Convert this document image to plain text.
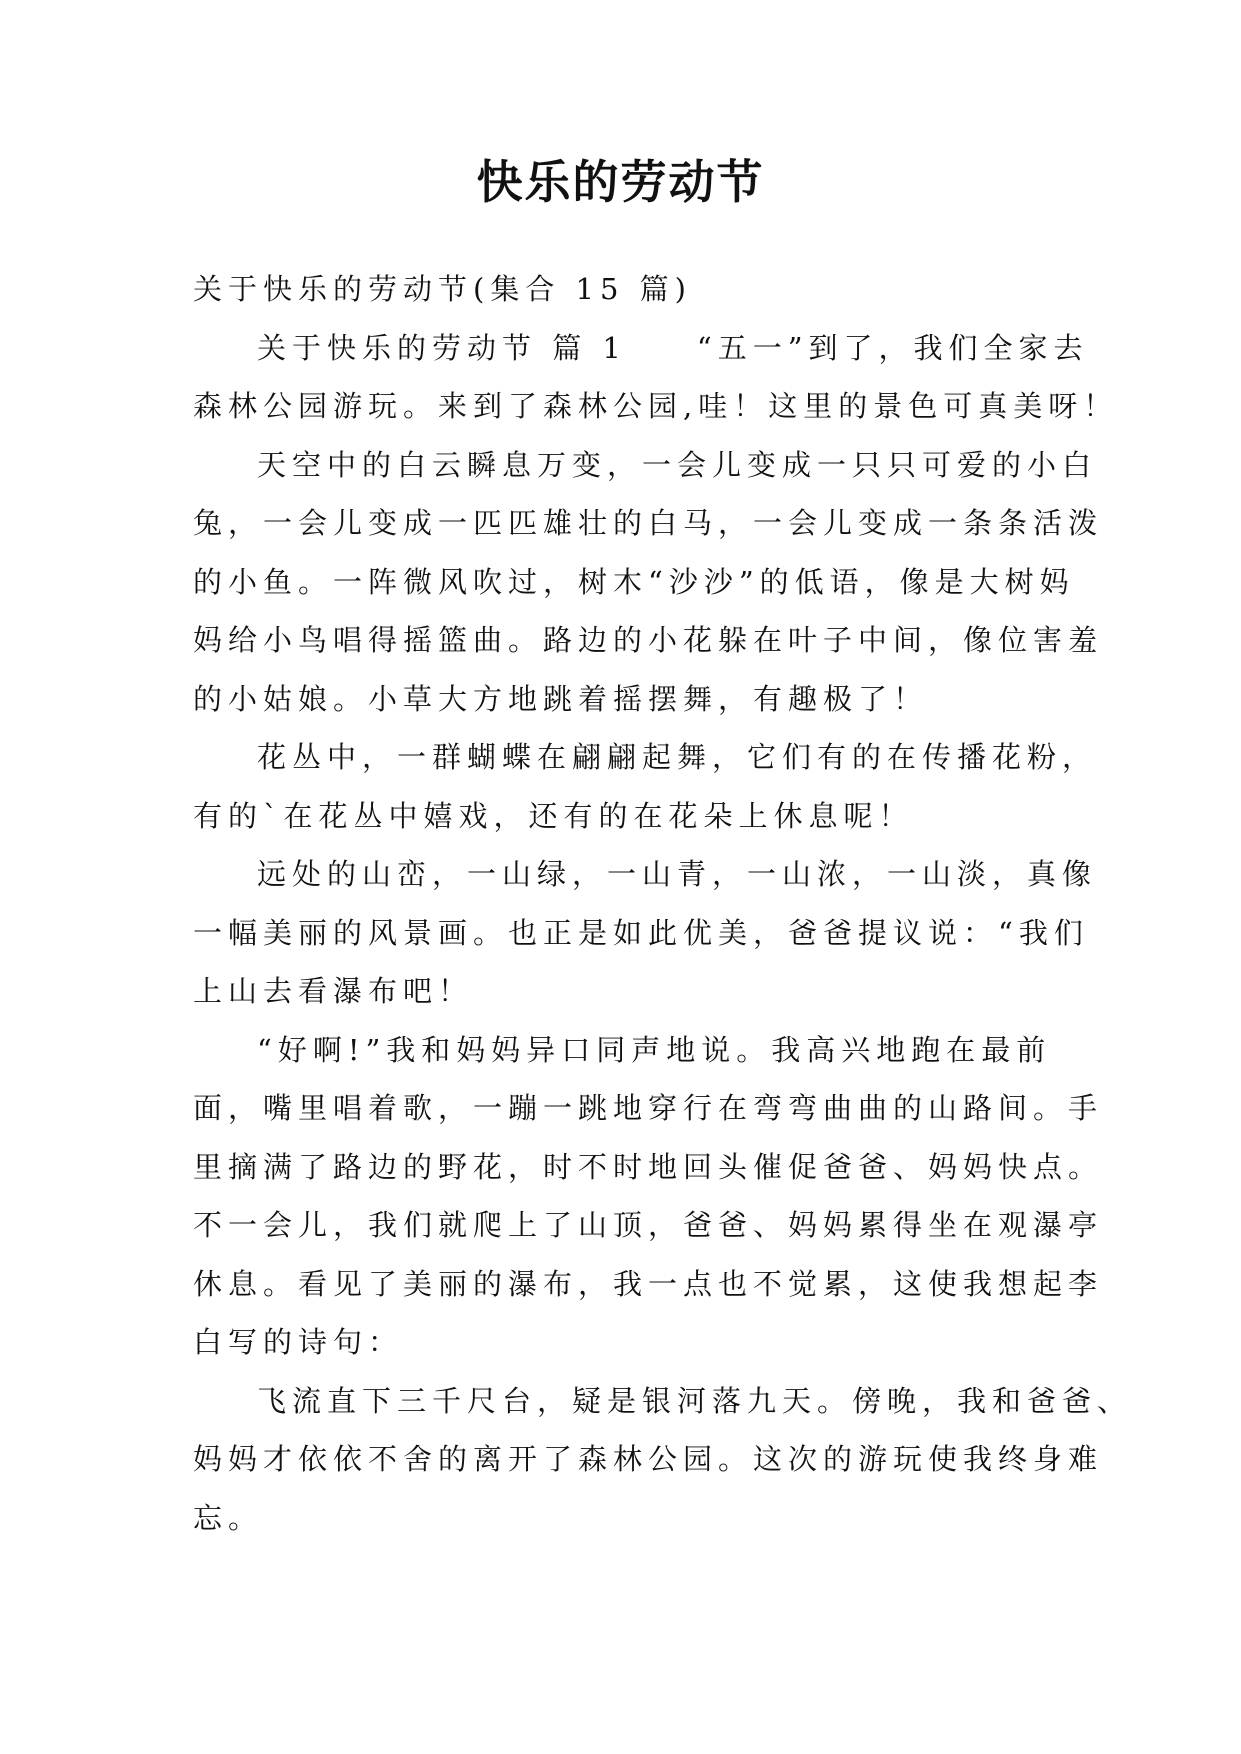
快乐的劳动节
关于快乐的劳动节(集合 15 篇)
关于快乐的劳动节 篇 1　　“五一”到了，我们全家去
森林公园游玩。来到了森林公园,哇！这里的景色可真美呀！
天空中的白云瞬息万变，一会儿变成一只只可爱的小白
兔，一会儿变成一匹匹雄壮的白马，一会儿变成一条条活泼
的小鱼。一阵微风吹过，树木“沙沙”的低语，像是大树妈
妈给小鸟唱得摇篮曲。路边的小花躲在叶子中间，像位害羞
的小姑娘。小草大方地跳着摇摆舞，有趣极了！
花丛中，一群蝴蝶在翩翩起舞，它们有的在传播花粉，
有的`在花丛中嬉戏，还有的在花朵上休息呢！
远处的山峦，一山绿，一山青，一山浓，一山淡，真像
一幅美丽的风景画。也正是如此优美，爸爸提议说：“我们
上山去看瀑布吧！
“好啊!”我和妈妈异口同声地说。我高兴地跑在最前
面，嘴里唱着歌，一蹦一跳地穿行在弯弯曲曲的山路间。手
里摘满了路边的野花，时不时地回头催促爸爸、妈妈快点。
不一会儿，我们就爬上了山顶，爸爸、妈妈累得坐在观瀑亭
休息。看见了美丽的瀑布，我一点也不觉累，这使我想起李
白写的诗句：
飞流直下三千尺台，疑是银河落九天。傍晚，我和爸爸、
妈妈才依依不舍的离开了森林公园。这次的游玩使我终身难
忘。
